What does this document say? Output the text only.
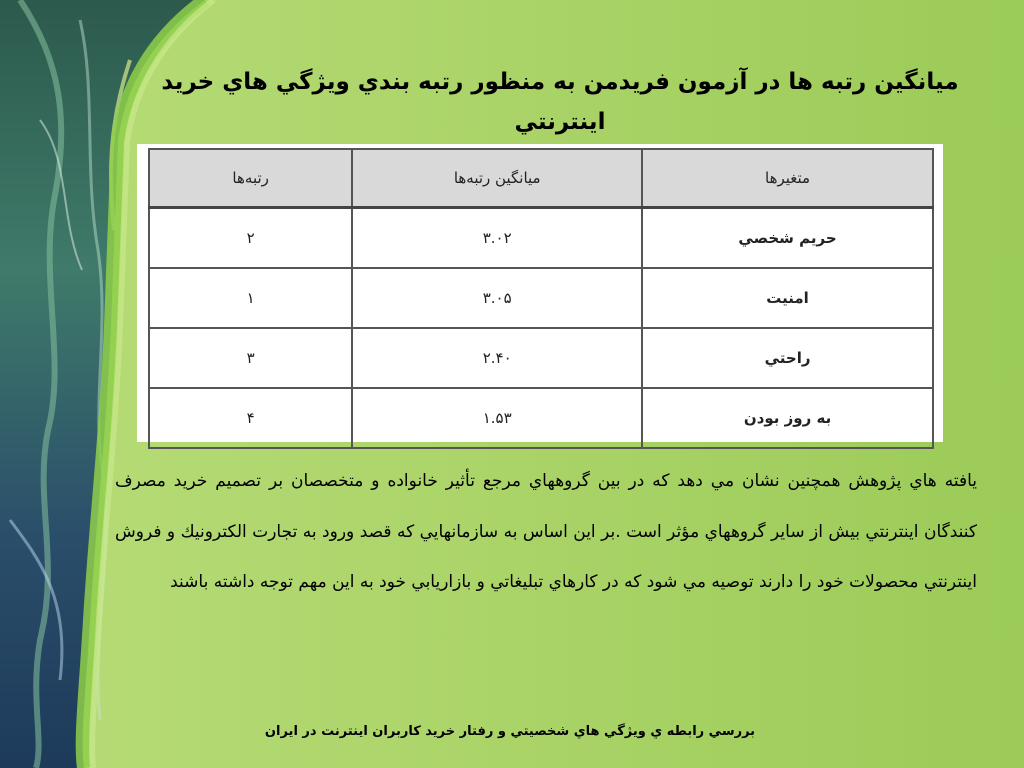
ميانگين رتبه ها در آزمون فريدمن به منظور رتبه بندي ويژگي هاي خريد اينترنتي
متغيرها	ميانگين رتبه‌ها	رتبه‌ها
حريم شخصي	۳.۰۲	۲
امنيت	۳.۰۵	۱
راحتي	۲.۴۰	۳
به روز بودن	۱.۵۳	۴
يافته هاي پژوهش همچنين نشان مي دهد كه در بين گروههاي مرجع تأثير خانواده و متخصصان بر تصميم خريد مصرف كنندگان اينترنتي بيش از ساير گروههاي مؤثر است .بر اين اساس به سازمانهايي كه قصد ورود به تجارت الكترونيك و فروش اينترنتي محصولات خود را دارند توصيه مي شود كه در كارهاي تبليغاتي و بازاريابي خود به اين مهم توجه داشته باشند
بررسي رابطه ي ويژگي هاي شخصيتي و رفتار خريد كاربران اينترنت در ايران
